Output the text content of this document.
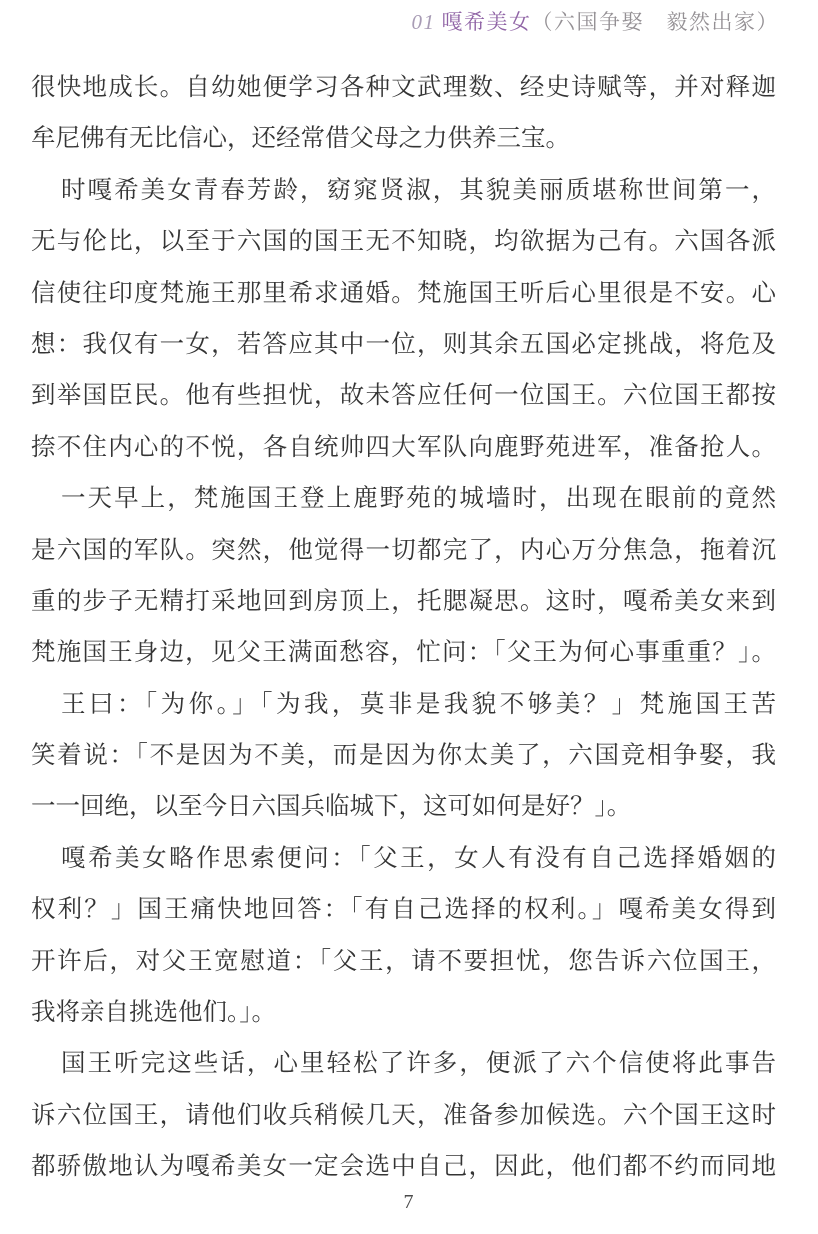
01 嘎希美女（六国争娶　毅然出家）
很快地成长。自幼她便学习各种文武理数、经史诗赋等，并对释迦
牟尼佛有无比信心，还经常借父母之力供养三宝。
时嘎希美女青春芳龄，窈窕贤淑，其貌美丽质堪称世间第一，
无与伦比，以至于六国的国王无不知晓，均欲据为己有。六国各派
信使往印度梵施王那里希求通婚。梵施国王听后心里很是不安。心
想：我仅有一女，若答应其中一位，则其余五国必定挑战，将危及
到举国臣民。他有些担忧，故未答应任何一位国王。六位国王都按
捺不住内心的不悦，各自统帅四大军队向鹿野苑进军，准备抢人。
一天早上，梵施国王登上鹿野苑的城墙时，出现在眼前的竟然
是六国的军队。突然，他觉得一切都完了，内心万分焦急，拖着沉
重的步子无精打采地回到房顶上，托腮凝思。这时，嘎希美女来到
梵施国王身边，见父王满面愁容，忙问：「父王为何心事重重？」。
王曰：「为你。」「为我，莫非是我貌不够美？」梵施国王苦
笑着说：「不是因为不美，而是因为你太美了，六国竞相争娶，我
一一回绝，以至今日六国兵临城下，这可如何是好？」。
嘎希美女略作思索便问：「父王，女人有没有自己选择婚姻的
权利？」国王痛快地回答：「有自己选择的权利。」嘎希美女得到
开许后，对父王宽慰道：「父王，请不要担忧，您告诉六位国王，
我将亲自挑选他们。」。
国王听完这些话，心里轻松了许多，便派了六个信使将此事告
诉六位国王，请他们收兵稍候几天，准备参加候选。六个国王这时
都骄傲地认为嘎希美女一定会选中自己，因此，他们都不约而同地
7
